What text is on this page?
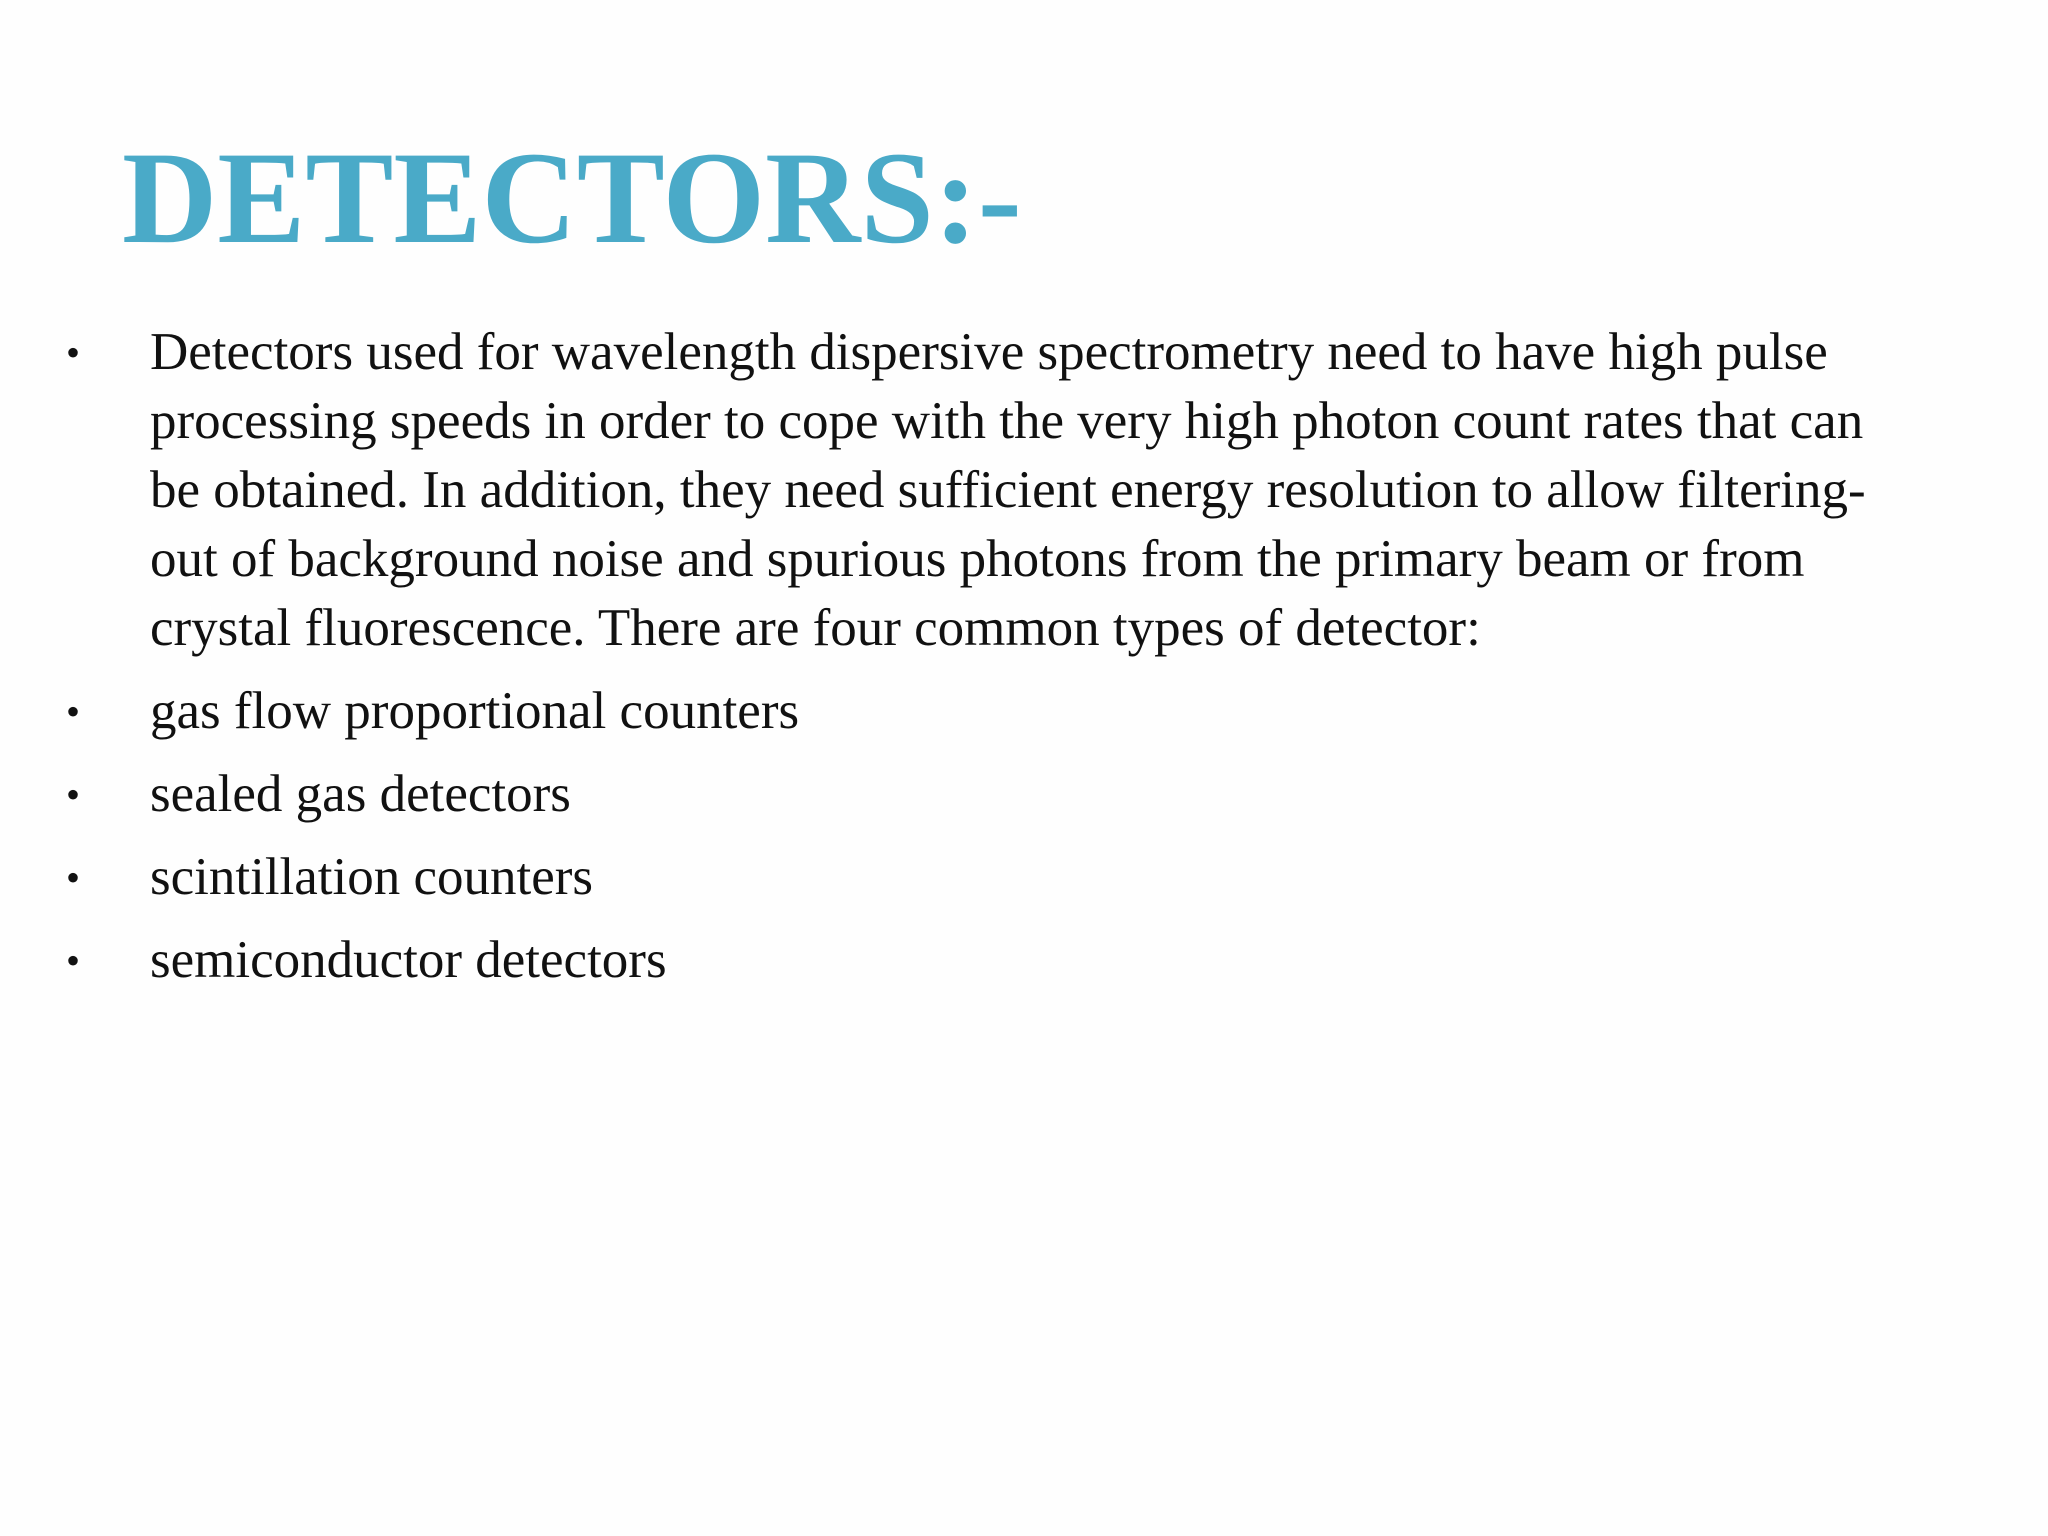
DETECTORS:-
•	Detectors used for wavelength dispersive spectrometry need to have high pulse processing speeds in order to cope with the very high photon count rates that can be obtained. In addition, they need sufficient energy resolution to allow filtering-out of background noise and spurious photons from the primary beam or from crystal fluorescence. There are four common types of detector:
•	gas flow proportional counters
•	sealed gas detectors
•	scintillation counters
•	semiconductor detectors
